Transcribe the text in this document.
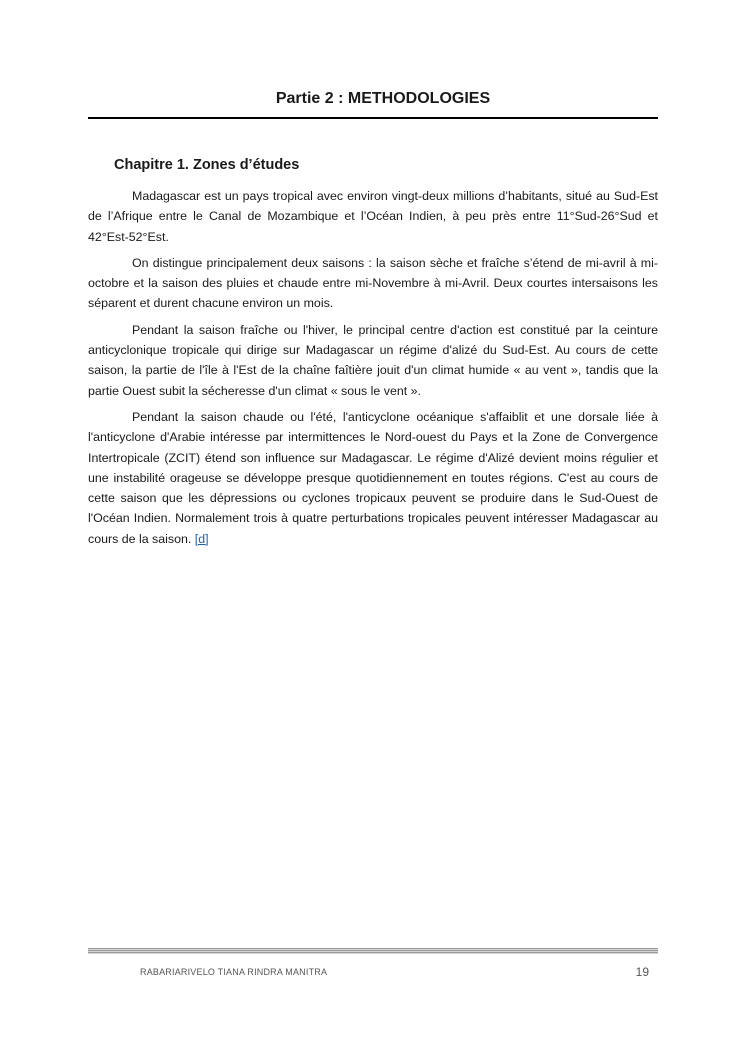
Partie 2 : METHODOLOGIES
Chapitre 1. Zones d’études

Madagascar est un pays tropical avec environ vingt-deux millions d’habitants, situé au Sud-Est de l’Afrique entre le Canal de Mozambique et l’Océan Indien, à peu près entre 11°Sud-26°Sud et 42°Est-52°Est.

On distingue principalement deux saisons : la saison sèche et fraîche s’étend de mi-avril à mi-octobre et la saison des pluies et chaude entre mi-Novembre à mi-Avril. Deux courtes intersaisons les séparent et durent chacune environ un mois.

Pendant la saison fraîche ou l'hiver, le principal centre d'action est constitué par la ceinture anticyclonique tropicale qui dirige sur Madagascar un régime d'alizé du Sud-Est. Au cours de cette saison, la partie de l'île à l'Est de la chaîne faîtière jouit d'un climat humide « au vent », tandis que la partie Ouest subit la sécheresse d'un climat « sous le vent ».

Pendant la saison chaude ou l'été, l'anticyclone océanique s'affaiblit et une dorsale liée à l'anticyclone d'Arabie intéresse par intermittences le Nord-ouest du Pays et la Zone de Convergence Intertropicale (ZCIT) étend son influence sur Madagascar. Le régime d'Alizé devient moins régulier et une instabilité orageuse se développe presque quotidiennement en toutes régions. C'est au cours de cette saison que les dépressions ou cyclones tropicaux peuvent se produire dans le Sud-Ouest de l'Océan Indien. Normalement trois à quatre perturbations tropicales peuvent intéresser Madagascar au cours de la saison. [d]

RABARIARIVELO TIANA RINDRA MANITRA	19
